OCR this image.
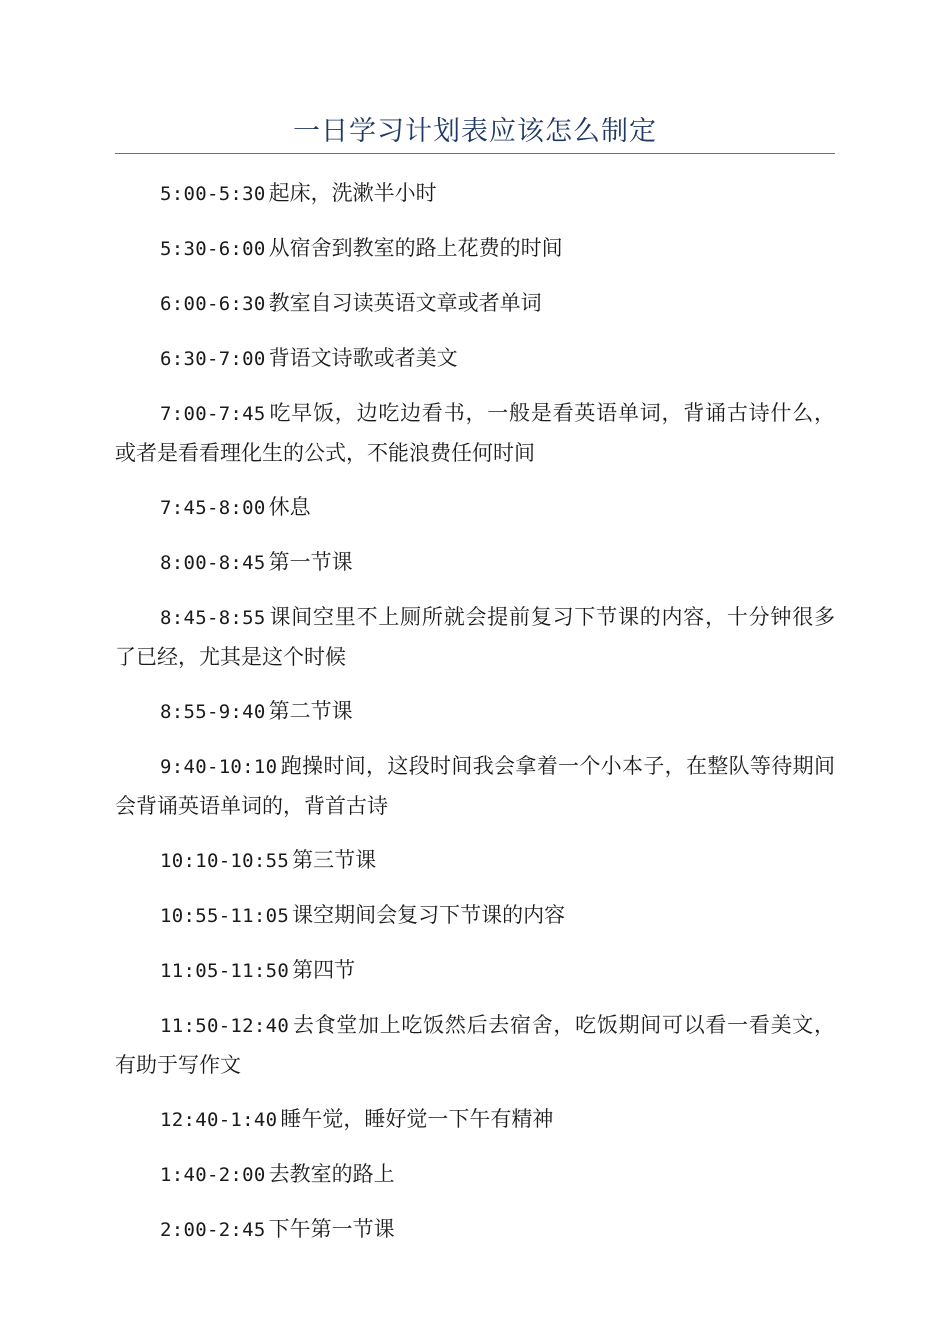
一日学习计划表应该怎么制定
5:00-5:30 起床，洗漱半小时
5:30-6:00 从宿舍到教室的路上花费的时间
6:00-6:30 教室自习读英语文章或者单词
6:30-7:00 背语文诗歌或者美文
7:00-7:45 吃早饭，边吃边看书，一般是看英语单词，背诵古诗什么，或者是看看理化生的公式，不能浪费任何时间
7:45-8:00 休息
8:00-8:45 第一节课
8:45-8:55 课间空里不上厕所就会提前复习下节课的内容，十分钟很多了已经，尤其是这个时候
8:55-9:40 第二节课
9:40-10:10 跑操时间，这段时间我会拿着一个小本子，在整队等待期间会背诵英语单词的，背首古诗
10:10-10:55 第三节课
10:55-11:05 课空期间会复习下节课的内容
11:05-11:50 第四节
11:50-12:40 去食堂加上吃饭然后去宿舍，吃饭期间可以看一看美文，有助于写作文
12:40-1:40 睡午觉，睡好觉一下午有精神
1:40-2:00 去教室的路上
2:00-2:45 下午第一节课
